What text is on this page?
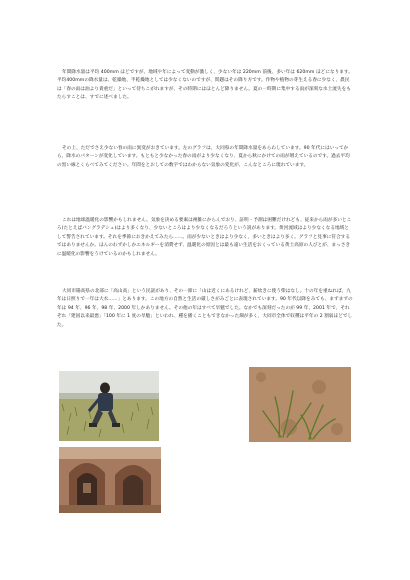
年間降水量は平均 400mm ほどですが、地域や年によって変動が激しく、少ない年は 220mm 前後、多い年は 620mm ほどになります。平均400mmの降水量は、乾燥地、半乾燥地としては少なくないのですが、問題はその降り方です。作物や植物の芽生える春に少なく、農民は「春の雨は油より貴重だ」といって待ちこがれますが、その時期にはほとんど降りません。夏の一時期に集中する雨が深刻な水土流失をもたらすことは、すでに述べました。

その上、ただでさえ少ない春の雨に異変がおきています。左のグラフは、大同県の年間降水量をあらわしています。90 年代にはいってから、降水のパターンが変化しています。もともと少なかった春の雨がより少なくなり、夏から秋にかけての雨が増えているのです。過去平均の黒い線とくらべてみてください。年間をとおしての数字ではわからない気象の変化が、こんなところに現れています。

これは地球温暖化の影響かもしれません。気象を決める要素は複雑にからんでおり、証明・予測は困難だけれども、従来から雨が多いところ(たとえばバングラデシュ)はより多くなり、少ないところはより少なくなるだろうという説があります。黄河流域はより少なくなる地域として警告されています。それを季節におきかえてみたら……。雨が少ないときはより少なく、多いときはより多く。グラフと見事に符合するではありませんか。ほんのわずかしかエネルギーを消費せず、温暖化の原因とは最も遠い生活をおくっている黄土高原の人びとが、まっさきに温暖化の影響をうけているのかもしれません。

大同市陽高県の北部に「高山高」という民謡があり、その一節に「山は近くにあるけれど、薪炊きに使う柴はなし。十の年を重ねれば、九年は日照りで一年は大水……」とあります。この地方の自然と生活の厳しさがみごとに表現されています。90 年代以降をみても、まずまずの年は 94 年、96 年、98 年、2000 年しかありません。その他の年はすべて旱魃でした。なかでも深刻だったのが 99 年、2001 年で、それぞれ「建国以来最悪」「100 年に 1 度の旱魃」といわれ、種を播くこともできなかった畑が多く、大同市全体で収穫は平年の 2 割弱ほどでした。
